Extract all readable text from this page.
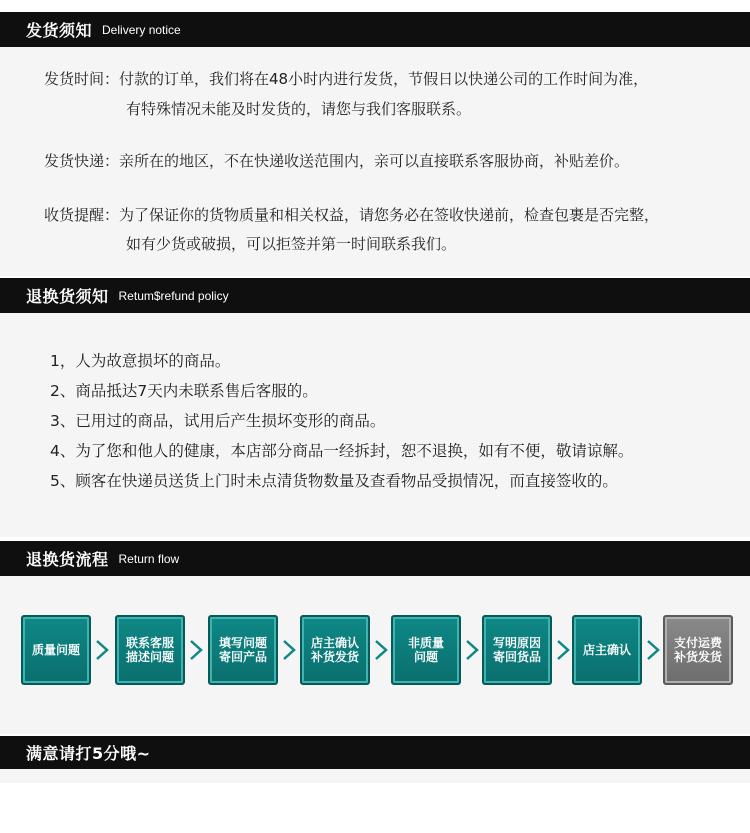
发货须知 Delivery notice
发货时间：付款的订单，我们将在48小时内进行发货，节假日以快递公司的工作时间为准，
有特殊情况未能及时发货的，请您与我们客服联系。
发货快递：亲所在的地区，不在快递收送范围内，亲可以直接联系客服协商，补贴差价。
收货提醒：为了保证你的货物质量和相关权益，请您务必在签收快递前，检查包裹是否完整，
如有少货或破损，可以拒签并第一时间联系我们。
退换货须知 Retum$refund policy
1，人为故意损坏的商品。
2、商品抵达7天内未联系售后客服的。
3、已用过的商品，试用后产生损坏变形的商品。
4、为了您和他人的健康，本店部分商品一经拆封，恕不退换，如有不便，敬请谅解。
5、顾客在快递员送货上门时未点清货物数量及查看物品受损情况，而直接签收的。
退换货流程 Return flow
质量问题	联系客服
描述问题
填写问题
寄回产品
店主确认
补货发货
非质量
问题
写明原因
寄回货品	店主确认	支付运费
补货发货
满意请打5分哦~
